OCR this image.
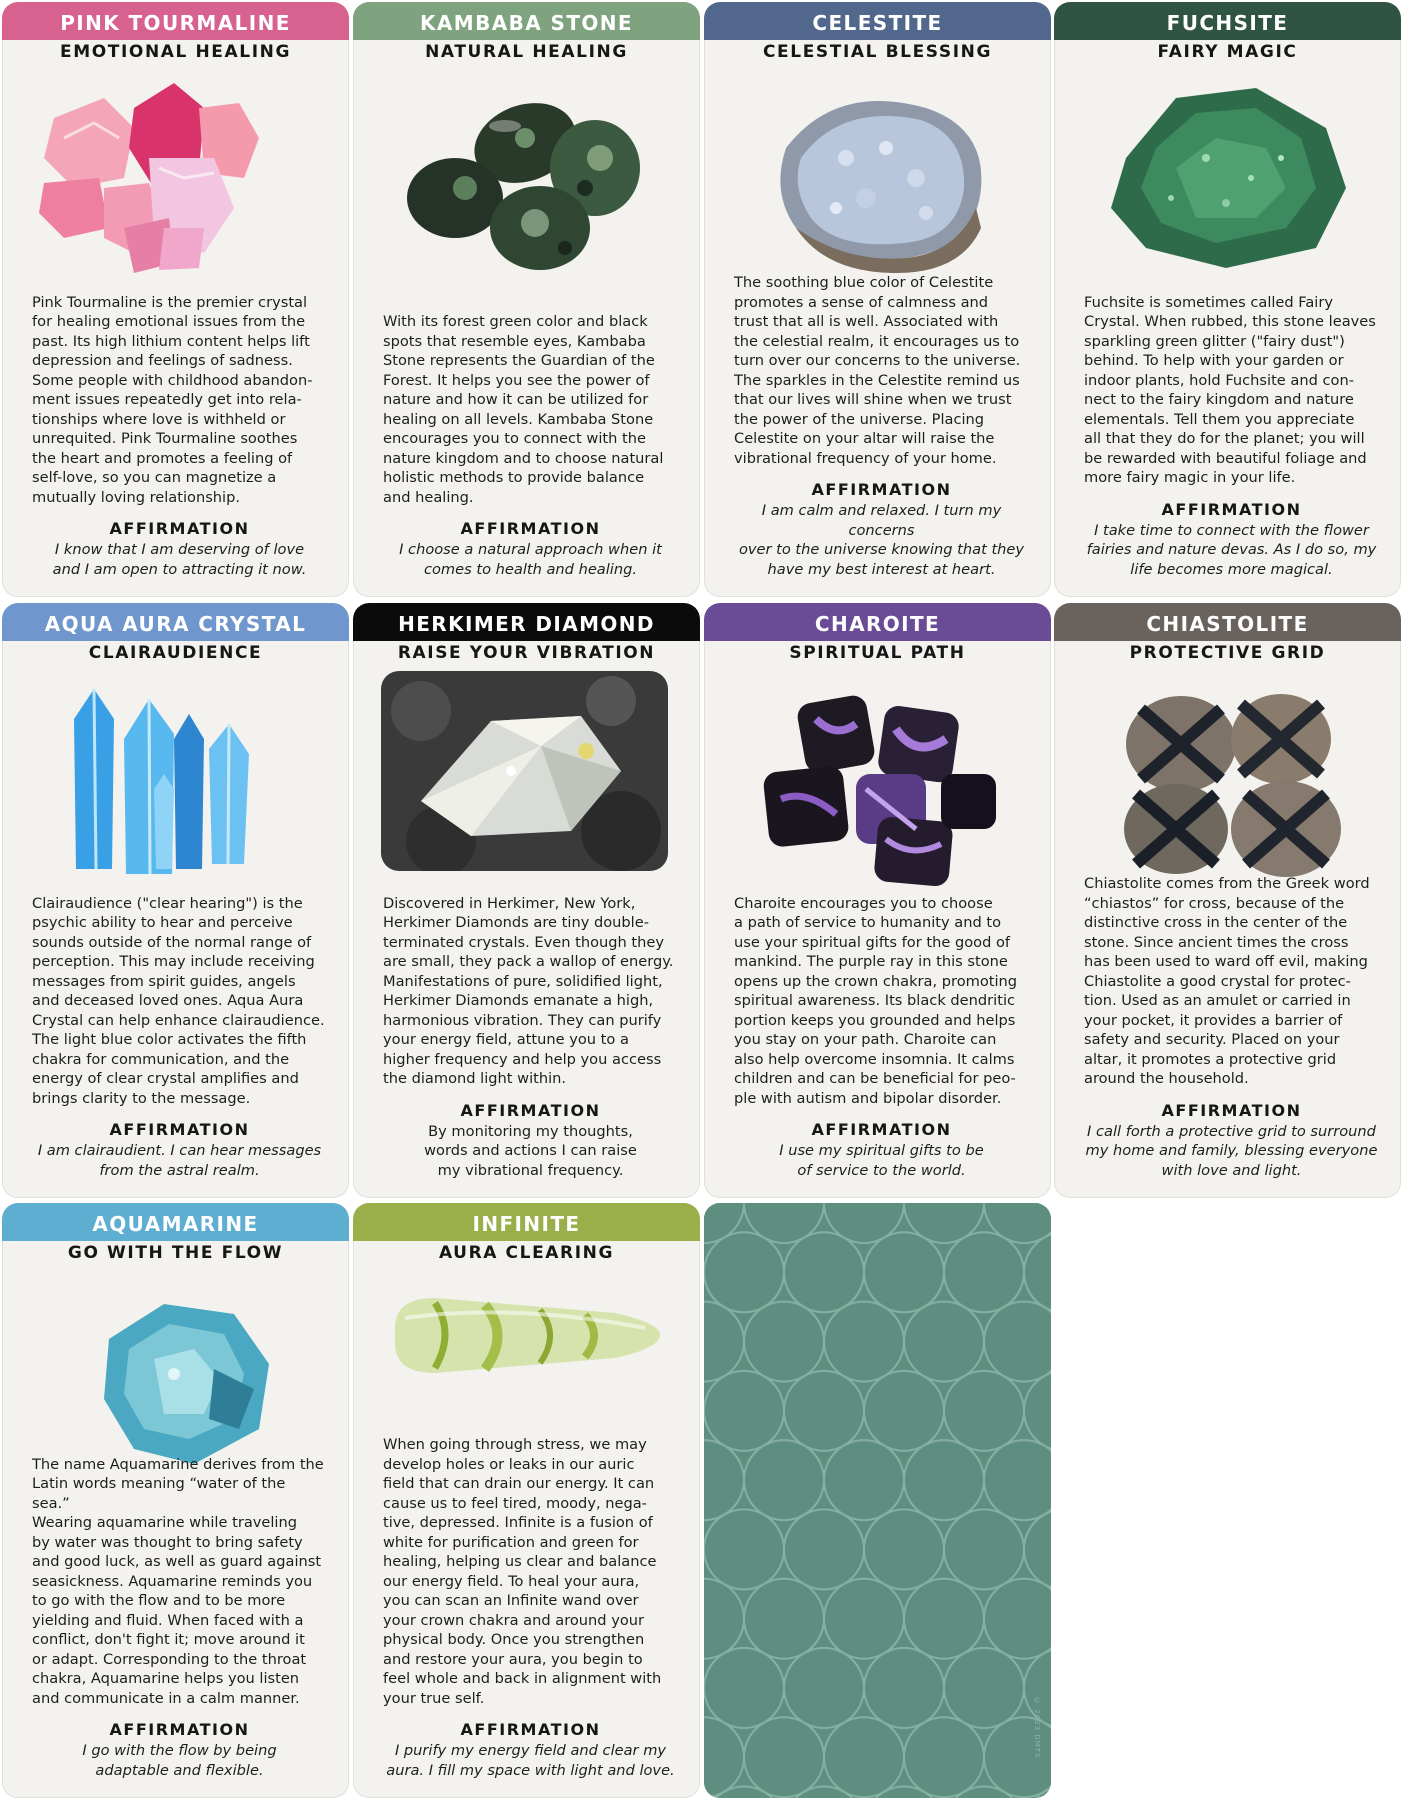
PINK TOURMALINE
EMOTIONAL HEALING

Pink Tourmaline is the premier crystal
for healing emotional issues from the
past. Its high lithium content helps lift
depression and feelings of sadness.
Some people with childhood abandon-
ment issues repeatedly get into rela-
tionships where love is withheld or
unrequited. Pink Tourmaline soothes
the heart and promotes a feeling of
self-love, so you can magnetize a
mutually loving relationship.

AFFIRMATION

I know that I am deserving of love
and I am open to attracting it now.

KAMBABA STONE
NATURAL HEALING

With its forest green color and black
spots that resemble eyes, Kambaba
Stone represents the Guardian of the
Forest. It helps you see the power of
nature and how it can be utilized for
healing on all levels. Kambaba Stone
encourages you to connect with the
nature kingdom and to choose natural
holistic methods to provide balance
and healing.

AFFIRMATION

I choose a natural approach when it
comes to health and healing.

CELESTITE
CELESTIAL BLESSING

The soothing blue color of Celestite
promotes a sense of calmness and
trust that all is well. Associated with
the celestial realm, it encourages us to
turn over our concerns to the universe.
The sparkles in the Celestite remind us
that our lives will shine when we trust
the power of the universe. Placing
Celestite on your altar will raise the
vibrational frequency of your home.

AFFIRMATION

I am calm and relaxed. I turn my concerns
over to the universe knowing that they
have my best interest at heart.

FUCHSITE
FAIRY MAGIC

Fuchsite is sometimes called Fairy
Crystal. When rubbed, this stone leaves
sparkling green glitter ("fairy dust")
behind. To help with your garden or
indoor plants, hold Fuchsite and con-
nect to the fairy kingdom and nature
elementals. Tell them you appreciate
all that they do for the planet; you will
be rewarded with beautiful foliage and
more fairy magic in your life.

AFFIRMATION

I take time to connect with the flower
fairies and nature devas. As I do so, my
life becomes more magical.

AQUA AURA CRYSTAL
CLAIRAUDIENCE

Clairaudience ("clear hearing") is the
psychic ability to hear and perceive
sounds outside of the normal range of
perception. This may include receiving
messages from spirit guides, angels
and deceased loved ones. Aqua Aura
Crystal can help enhance clairaudience.
The light blue color activates the fifth
chakra for communication, and the
energy of clear crystal amplifies and
brings clarity to the message.

AFFIRMATION

I am clairaudient. I can hear messages
from the astral realm.

HERKIMER DIAMOND
RAISE YOUR VIBRATION

Discovered in Herkimer, New York,
Herkimer Diamonds are tiny double-
terminated crystals. Even though they
are small, they pack a wallop of energy.
Manifestations of pure, solidified light,
Herkimer Diamonds emanate a high,
harmonious vibration. They can purify
your energy field, attune you to a
higher frequency and help you access
the diamond light within.

AFFIRMATION

By monitoring my thoughts,
words and actions I can raise
my vibrational frequency.

CHAROITE
SPIRITUAL PATH

Charoite encourages you to choose
a path of service to humanity and to
use your spiritual gifts for the good of
mankind. The purple ray in this stone
opens up the crown chakra, promoting
spiritual awareness. Its black dendritic
portion keeps you grounded and helps
you stay on your path. Charoite can
also help overcome insomnia. It calms
children and can be beneficial for peo-
ple with autism and bipolar disorder.

AFFIRMATION

I use my spiritual gifts to be
of service to the world.

CHIASTOLITE
PROTECTIVE GRID

Chiastolite comes from the Greek word
“chiastos” for cross, because of the
distinctive cross in the center of the
stone. Since ancient times the cross
has been used to ward off evil, making
Chiastolite a good crystal for protec-
tion. Used as an amulet or carried in
your pocket, it provides a barrier of
safety and security. Placed on your
altar, it promotes a protective grid
around the household.

AFFIRMATION

I call forth a protective grid to surround
my home and family, blessing everyone
with love and light.

AQUAMARINE
GO WITH THE FLOW

The name Aquamarine derives from the
Latin words meaning “water of the sea.”
Wearing aquamarine while traveling
by water was thought to bring safety
and good luck, as well as guard against
seasickness. Aquamarine reminds you
to go with the flow and to be more
yielding and fluid. When faced with a
conflict, don't fight it; move around it
or adapt. Corresponding to the throat
chakra, Aquamarine helps you listen
and communicate in a calm manner.

AFFIRMATION

I go with the flow by being
adaptable and flexible.

INFINITE
AURA CLEARING

When going through stress, we may
develop holes or leaks in our auric
field that can drain our energy. It can
cause us to feel tired, moody, nega-
tive, depressed. Infinite is a fusion of
white for purification and green for
healing, helping us clear and balance
our energy field. To heal your aura,
you can scan an Infinite wand over
your crown chakra and around your
physical body. Once you strengthen
and restore your aura, you begin to
feel whole and back in alignment with
your true self.

AFFIRMATION

I purify my energy field and clear my
aura. I fill my space with light and love.

© 2023 DMTS
